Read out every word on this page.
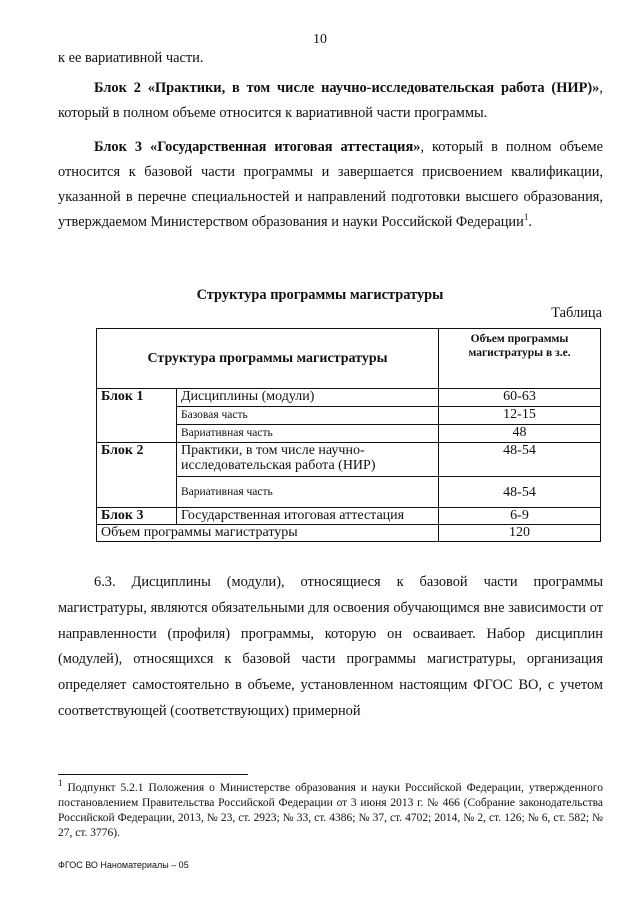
10
к ее вариативной части.
Блок 2 «Практики, в том числе научно-исследовательская работа (НИР)», который в полном объеме относится к вариативной части программы.
Блок 3 «Государственная итоговая аттестация», который в полном объеме относится к базовой части программы и завершается присвоением квалификации, указанной в перечне специальностей и направлений подготовки высшего образования, утверждаемом Министерством образования и науки Российской Федерации$^1$.
Структура программы магистратуры
Таблица
Структура программы магистратуры		Объем программы магистратуры в з.е.
Блок 1	Дисциплины (модули)	60-63
	Базовая часть	12-15
	Вариативная часть	48
Блок 2	Практики, в том числе научно-исследовательская работа (НИР)	48-54
	Вариативная часть	48-54
Блок 3	Государственная итоговая аттестация	6-9
Объем программы магистратуры		120
6.3. Дисциплины (модули), относящиеся к базовой части программы магистратуры, являются обязательными для освоения обучающимся вне зависимости от направленности (профиля) программы, которую он осваивает. Набор дисциплин (модулей), относящихся к базовой части программы магистратуры, организация определяет самостоятельно в объеме, установленном настоящим ФГОС ВО, с учетом соответствующей (соответствующих) примерной
$^1$ Подпункт 5.2.1 Положения о Министерстве образования и науки Российской Федерации, утвержденного постановлением Правительства Российской Федерации от 3 июня 2013 г. № 466 (Собрание законодательства Российской Федерации, 2013, № 23, ст. 2923; № 33, ст. 4386; № 37, ст. 4702; 2014, № 2, ст. 126; № 6, ст. 582; № 27, ст. 3776).
ФГОС ВО Наноматериалы – 05
